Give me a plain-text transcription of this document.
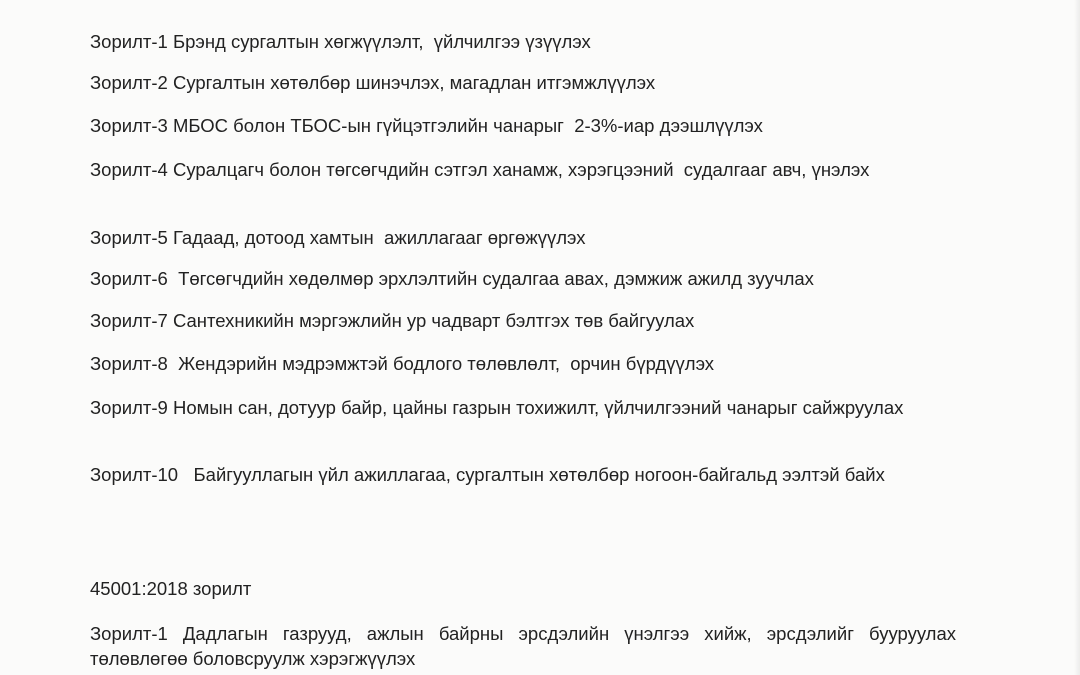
Зорилт-1 Брэнд сургалтын хөгжүүлэлт,  үйлчилгээ үзүүлэх

Зорилт-2 Сургалтын хөтөлбөр шинэчлэх, магадлан итгэмжлүүлэх

Зорилт-3 МБОС болон ТБОС-ын гүйцэтгэлийн чанарыг  2-3%-иар дээшлүүлэх

Зорилт-4 Суралцагч болон төгсөгчдийн сэтгэл ханамж, хэрэгцээний  судалгааг авч, үнэлэх

Зорилт-5 Гадаад, дотоод хамтын  ажиллагааг өргөжүүлэх

Зорилт-6  Төгсөгчдийн хөдөлмөр эрхлэлтийн судалгаа авах, дэмжиж ажилд зуучлах

Зорилт-7 Сантехникийн мэргэжлийн ур чадварт бэлтгэх төв байгуулах

Зорилт-8  Жендэрийн мэдрэмжтэй бодлого төлөвлөлт,  орчин бүрдүүлэх

Зорилт-9 Номын сан, дотуур байр, цайны газрын тохижилт, үйлчилгээний чанарыг сайжруулах

Зорилт-10   Байгууллагын үйл ажиллагаа, сургалтын хөтөлбөр ногоон-байгальд ээлтэй байх

45001:2018 зорилт

Зорилт-1 Дадлагын газрууд, ажлын байрны эрсдэлийн үнэлгээ хийж, эрсдэлийг бууруулах төлөвлөгөө боловсруулж хэрэгжүүлэх
